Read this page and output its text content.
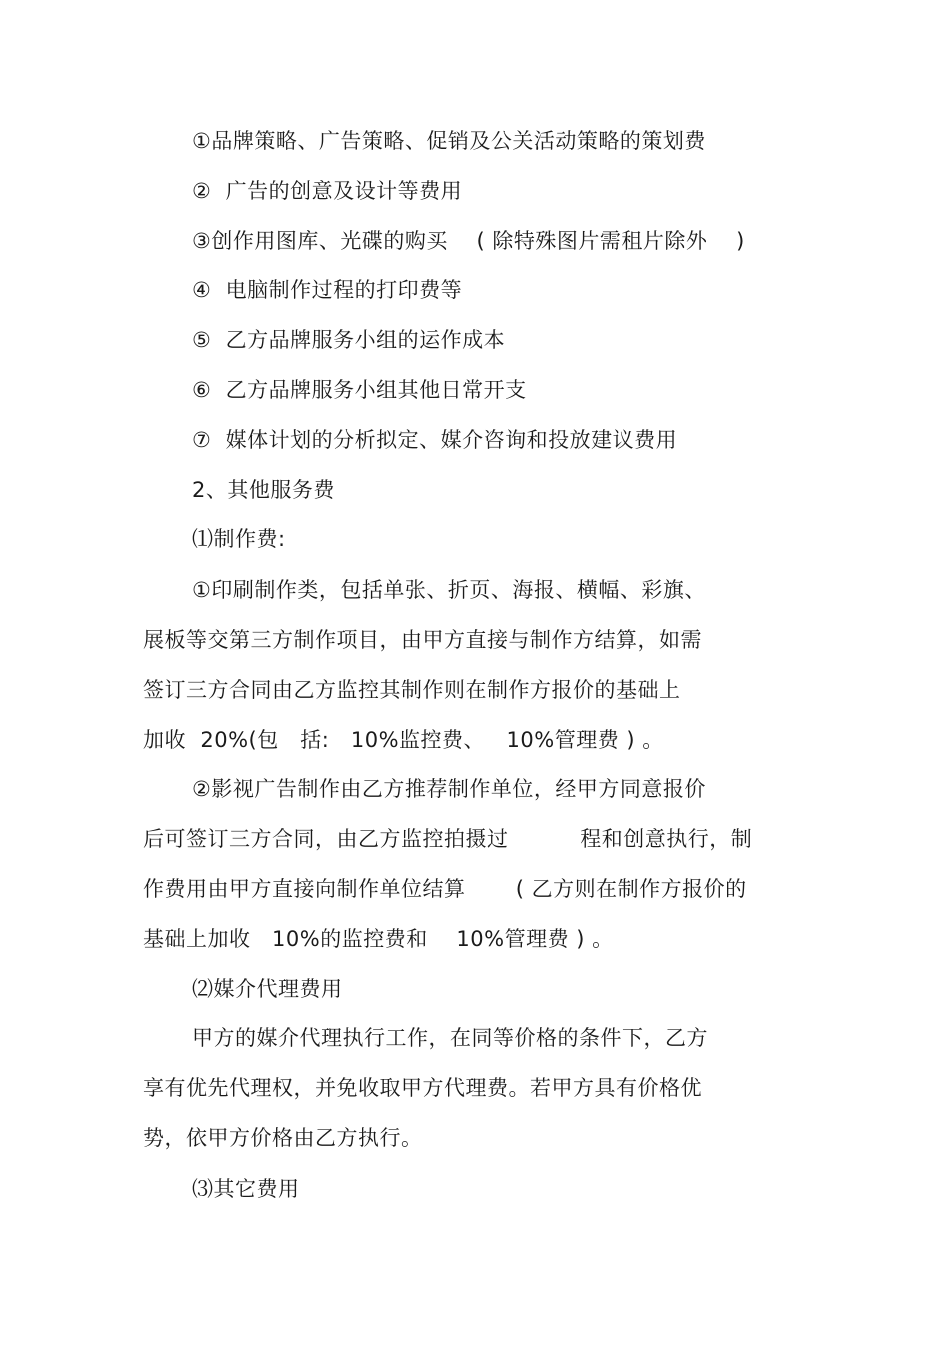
①品牌策略、广告策略、促销及公关活动策略的策划费
②  广告的创意及设计等费用
③创作用图库、光碟的购买    ( 除特殊图片需租片除外    )
④  电脑制作过程的打印费等
⑤  乙方品牌服务小组的运作成本
⑥  乙方品牌服务小组其他日常开支
⑦  媒体计划的分析拟定、媒介咨询和投放建议费用
2、其他服务费
⑴制作费:
①印刷制作类，包括单张、折页、海报、横幅、彩旗、
展板等交第三方制作项目，由甲方直接与制作方结算，如需
签订三方合同由乙方监控其制作则在制作方报价的基础上
加收  20%(包   括:   10%监控费、   10%管理费 ) 。
②影视广告制作由乙方推荐制作单位，经甲方同意报价
后可签订三方合同，由乙方监控拍摄过          程和创意执行，制
作费用由甲方直接向制作单位结算       ( 乙方则在制作方报价的
基础上加收   10%的监控费和    10%管理费 ) 。
⑵媒介代理费用
甲方的媒介代理执行工作，在同等价格的条件下，乙方
享有优先代理权，并免收取甲方代理费。若甲方具有价格优
势，依甲方价格由乙方执行。
⑶其它费用
